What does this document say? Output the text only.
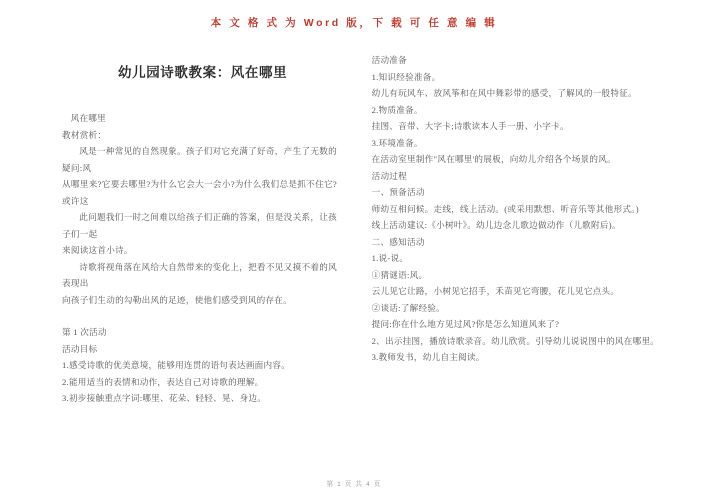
本 文 格 式 为 Word 版，下 载 可 任 意 编 辑
幼儿园诗歌教案：风在哪里

风在哪里

教材赏析：

风是一种常见的自然现象。孩子们对它充满了好奇，产生了无数的疑问:风

从哪里来?它要去哪里?为什么它会大一会小?为什么我们总是抓不住它?或许这

此问题我们一时之间难以给孩子们正确的答案，但是没关系，让孩子们一起

来阅读这首小诗。

诗歌将视角落在风给大自然带来的变化上，把看不见又摸不着的风表现出

向孩子们生动的勾勒出风的足迹，使他们感受到风的存在。

第 1 次活动

活动目标

1.感受诗歌的优美意境，能够用连贯的语句表达画面内容。

2.能用适当的表情和动作，表达自己对诗歌的理解。

3.初步接触重点字词:哪里、花朵、轻轻、晃、身边。

活动准备

1.知识经验准备。

幼儿有玩风车、放风筝和在风中舞彩带的感受，了解风的一般特征。

2.物质准备。

挂图、音带、大字卡;诗歌读本人手一册、小字卡。

3.环境准备。

在活动室里制作"风在哪里'的展板，向幼儿介绍各个场景的风。

活动过程

一、预备活动

师幼互相问候。走线，线上活动。(或采用默想、听音乐等其他形式。)

线上活动建议:《小树叶》。幼儿边念儿歌边做动作（儿歌附后)。

二、感知活动

1.说-说。

①猜谜语:风。

云儿见它让路，小树见它招手，禾苗见它弯腰，花儿见它点头。

②谈话:了解经验。

提问:你在什么地方见过风?你是怎么知道风来了?

2、出示挂图，播放诗歌录音。幼儿欣赏。引导幼儿说说图中的风在哪里。

3.教师发书，幼儿自主阅读。

第 1 页 共 4 页
